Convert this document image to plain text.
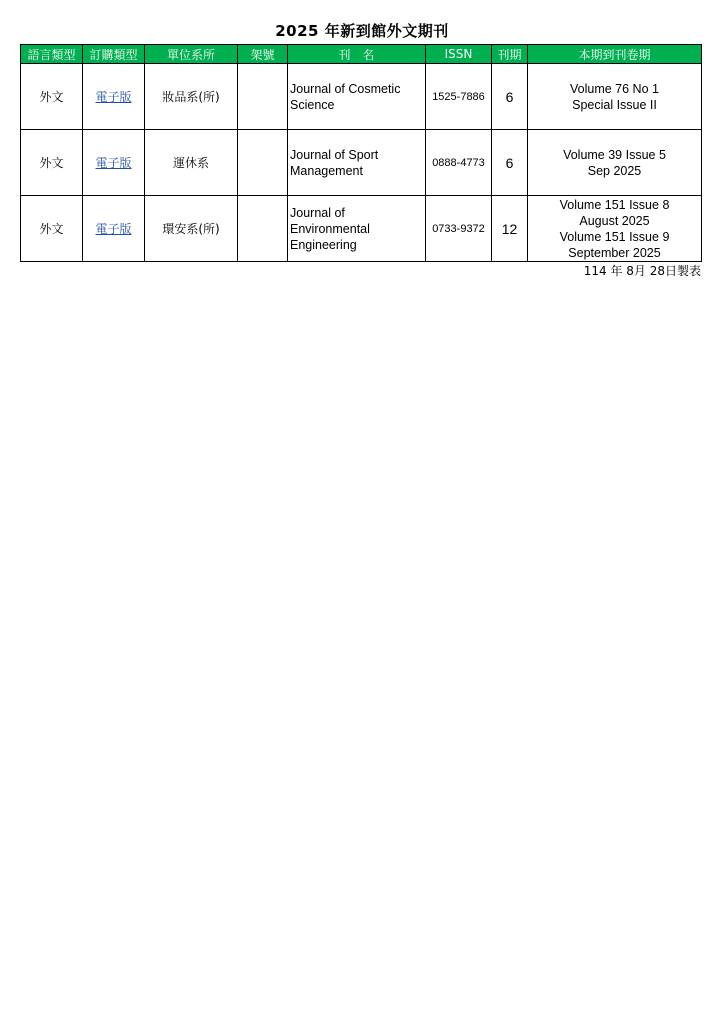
2025 年新到館外文期刊
語言類型	訂購類型	單位系所	架號	刊　名	ISSN	刊期	本期到刊卷期
外文	電子版	妝品系(所)		Journal of Cosmetic Science	1525-7886	6	Volume 76 No 1
Special Issue II

外文	電子版	運休系		Journal of Sport Management	0888-4773	6	Volume 39 Issue 5
Sep 2025

外文	電子版	環安系(所)		Journal of Environmental Engineering	0733-9372	12	Volume 151 Issue 8
August 2025
Volume 151 Issue 9
September 2025
114 年 8月 28日製表
